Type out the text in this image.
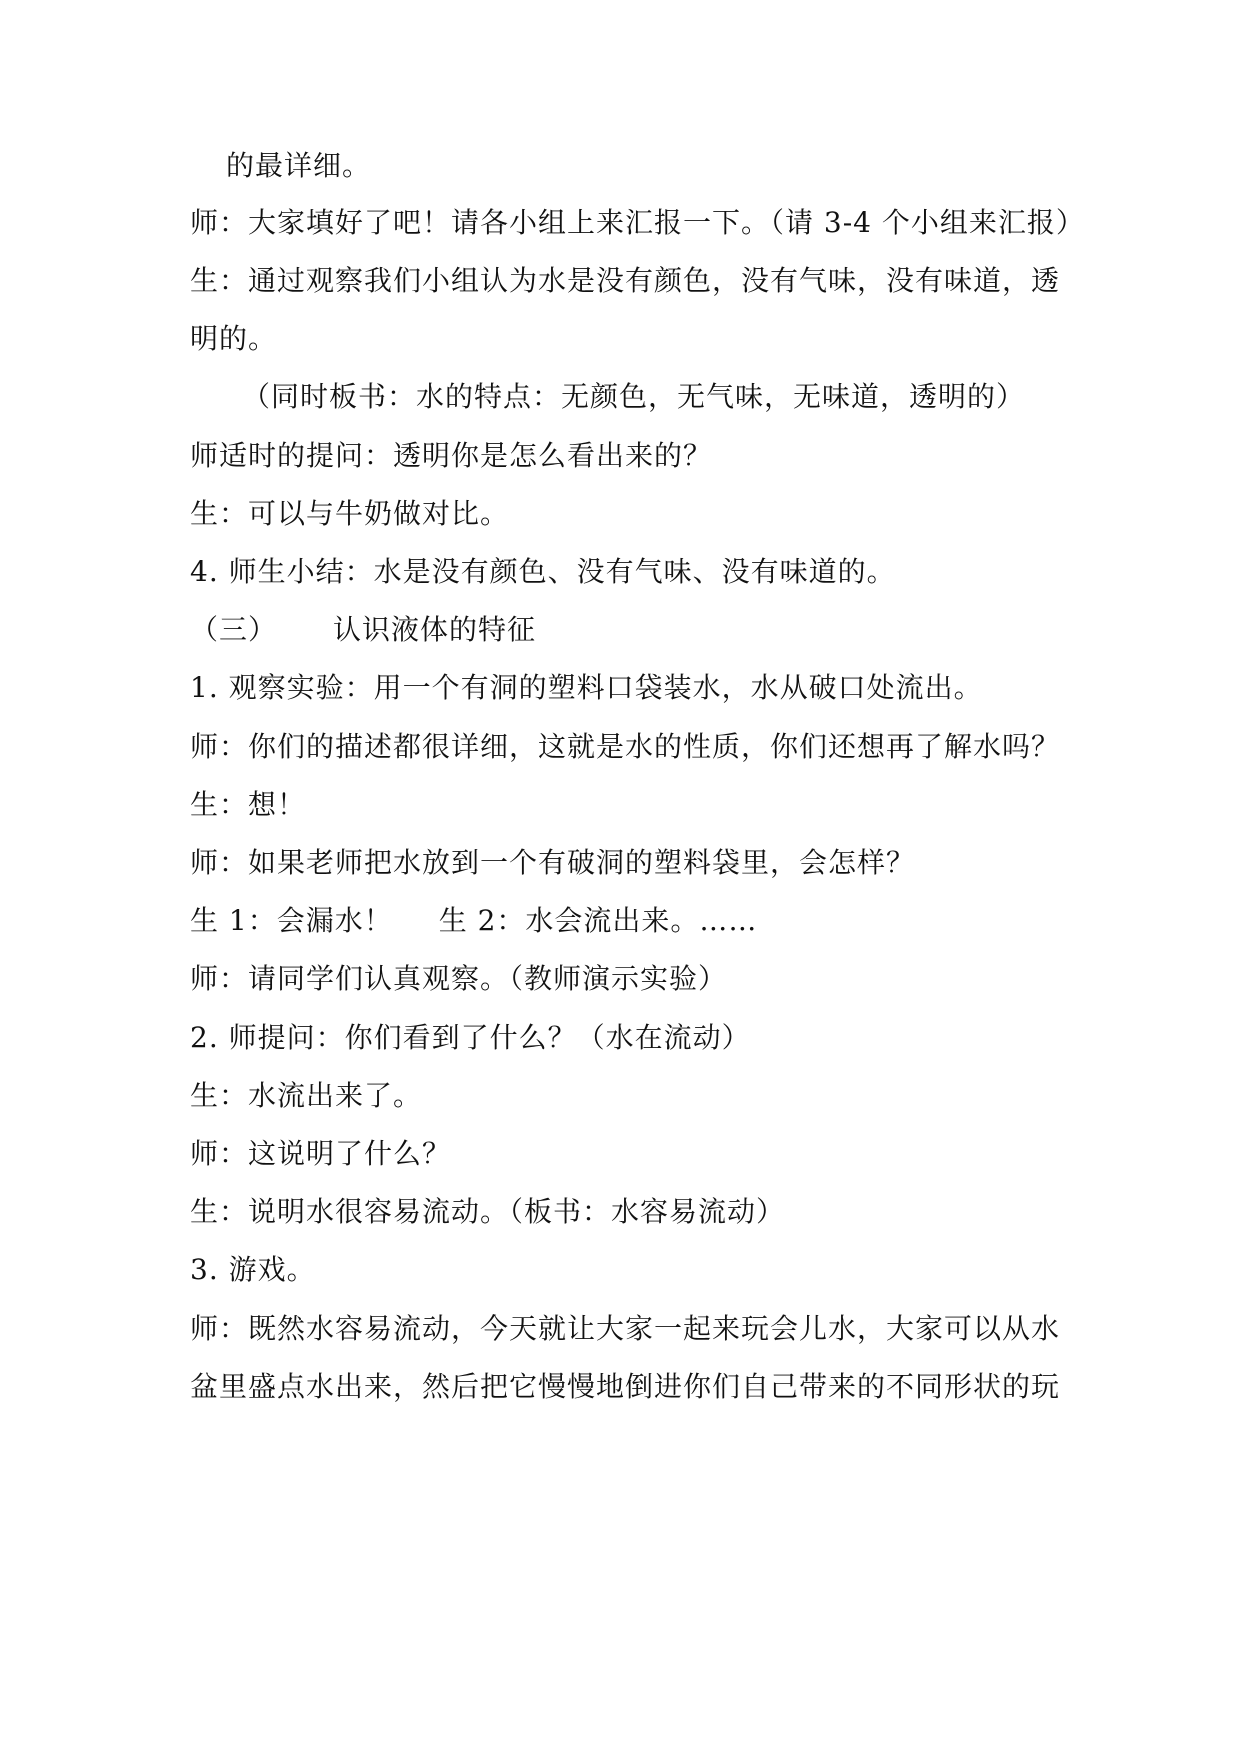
的最详细。
师：大家填好了吧！请各小组上来汇报一下。（请 3-4 个小组来汇报）
生：通过观察我们小组认为水是没有颜色，没有气味，没有味道，透
明的。
（同时板书：水的特点：无颜色，无气味，无味道，透明的）
师适时的提问：透明你是怎么看出来的？
生：可以与牛奶做对比。
4. 师生小结：水是没有颜色、没有气味、没有味道的。
（三） 认识液体的特征
1. 观察实验：用一个有洞的塑料口袋装水，水从破口处流出。
师：你们的描述都很详细，这就是水的性质，你们还想再了解水吗？
生：想！
师：如果老师把水放到一个有破洞的塑料袋里，会怎样？
生 1：会漏水！ 生 2：水会流出来。……
师：请同学们认真观察。（教师演示实验）
2. 师提问：你们看到了什么？（水在流动）
生：水流出来了。
师：这说明了什么？
生：说明水很容易流动。（板书：水容易流动）
3. 游戏。
师：既然水容易流动，今天就让大家一起来玩会儿水，大家可以从水
盆里盛点水出来，然后把它慢慢地倒进你们自己带来的不同形状的玩
